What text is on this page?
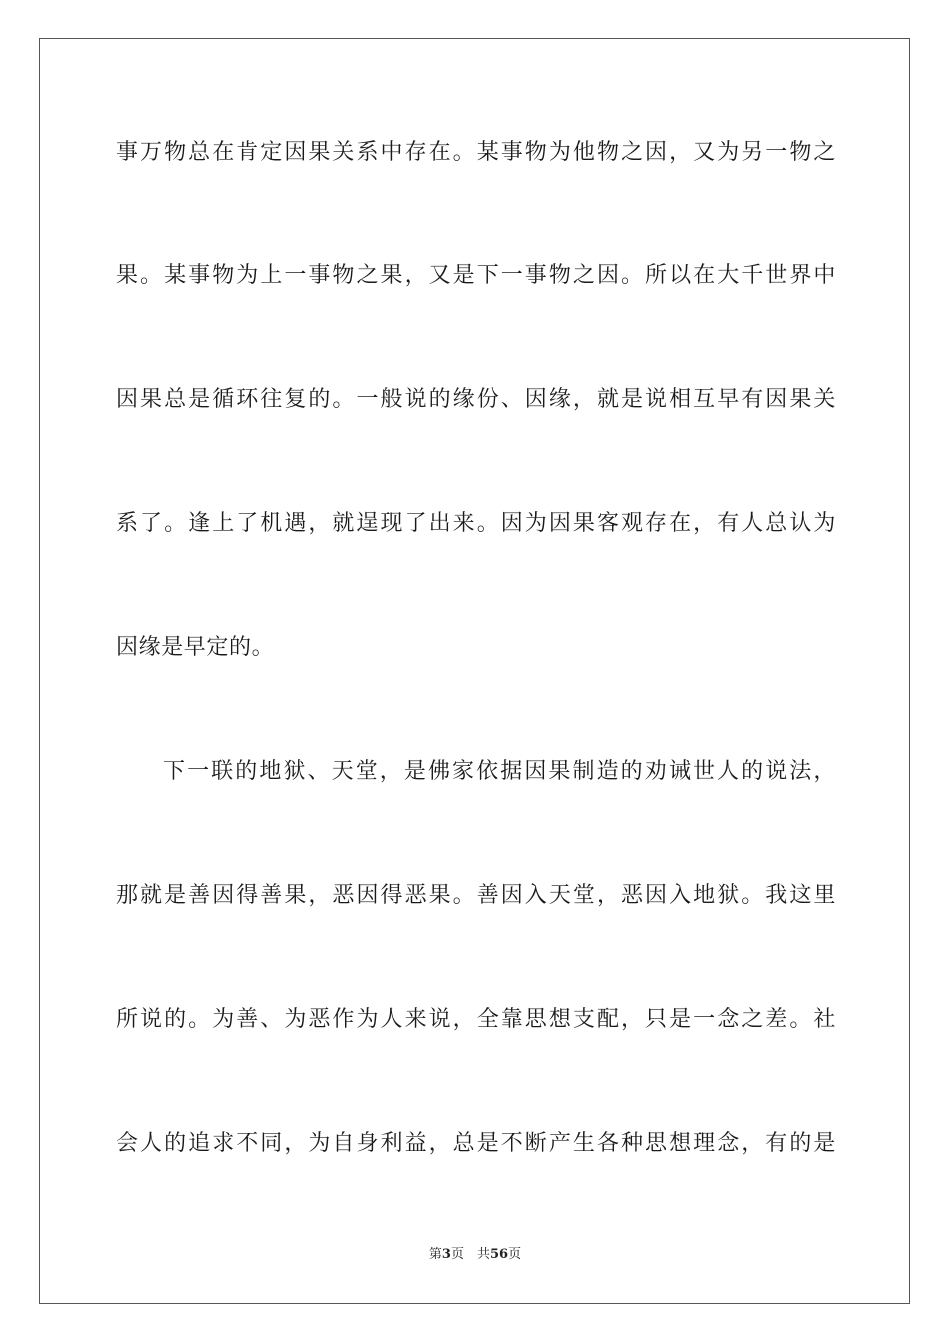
事万物总在肯定因果关系中存在。某事物为他物之因，又为另一物之
果。某事物为上一事物之果，又是下一事物之因。所以在大千世界中
因果总是循环往复的。一般说的缘份、因缘，就是说相互早有因果关
系了。逢上了机遇，就逞现了出来。因为因果客观存在，有人总认为
因缘是早定的。
下一联的地狱、天堂，是佛家依据因果制造的劝诫世人的说法，
那就是善因得善果，恶因得恶果。善因入天堂，恶因入地狱。我这里
所说的。为善、为恶作为人来说，全靠思想支配，只是一念之差。社
会人的追求不同，为自身利益，总是不断产生各种思想理念，有的是
第3页　共56页
